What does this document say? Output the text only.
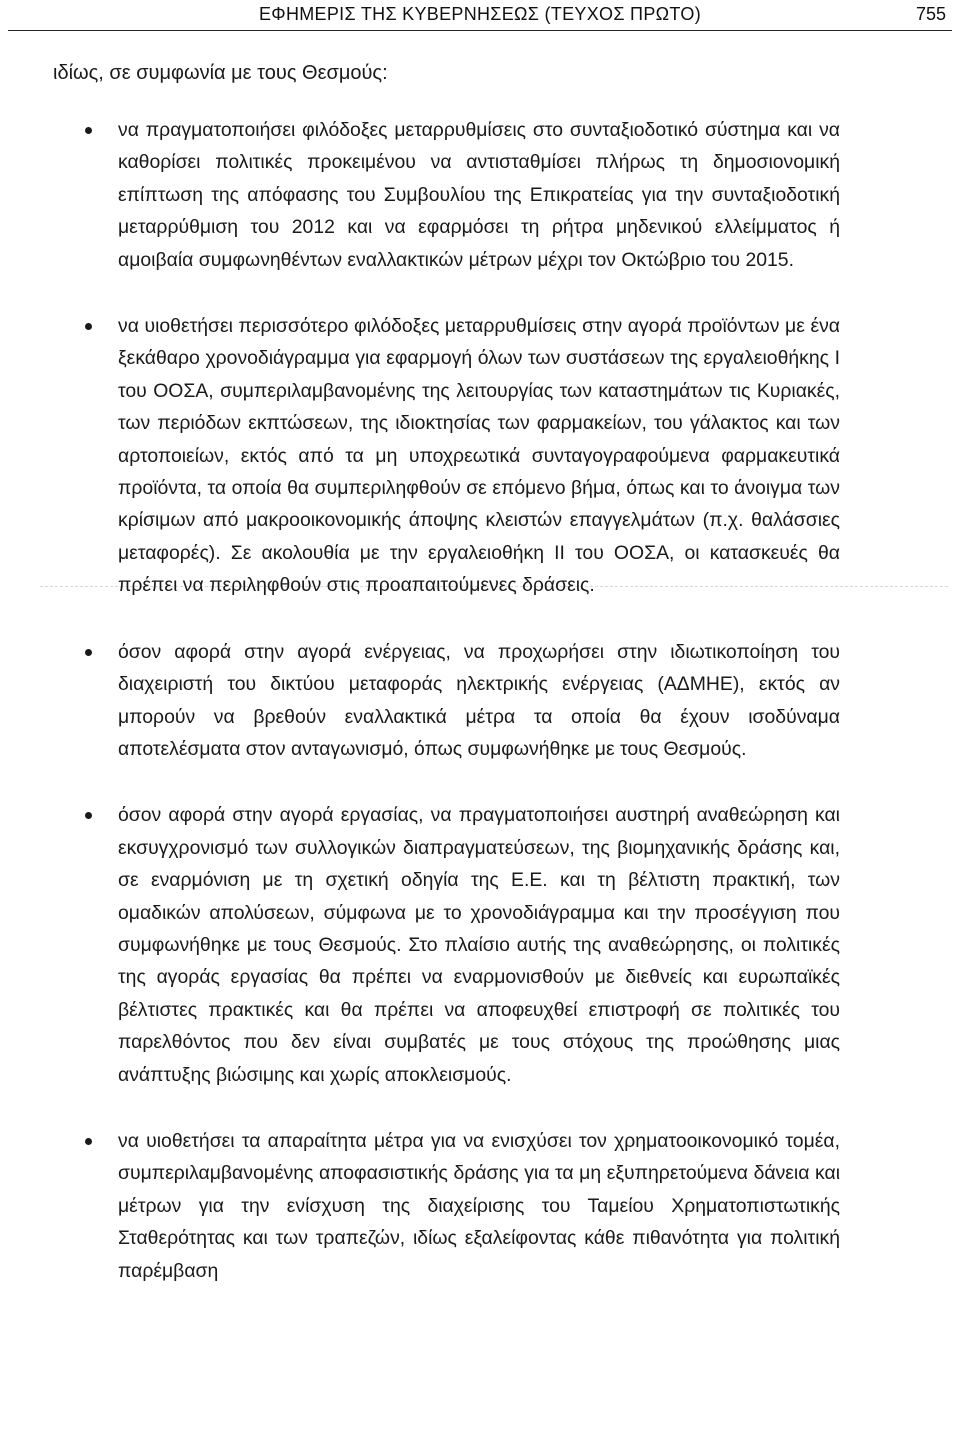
ΕΦΗΜΕΡΙΣ ΤΗΣ ΚΥΒΕΡΝΗΣΕΩΣ (ΤΕΥΧΟΣ ΠΡΩΤΟ)	755

ιδίως, σε συμφωνία με τους Θεσμούς:

να πραγματοποιήσει φιλόδοξες μεταρρυθμίσεις στο συνταξιοδοτικό σύστημα και να καθορίσει πολιτικές προκειμένου να αντισταθμίσει πλήρως τη δημοσιονομική επίπτωση της απόφασης του Συμβουλίου της Επικρατείας για την συνταξιοδοτική μεταρρύθμιση του 2012 και να εφαρμόσει τη ρήτρα μηδενικού ελλείμματος ή αμοιβαία συμφωνηθέντων εναλλακτικών μέτρων μέχρι τον Οκτώβριο του 2015.
να υιοθετήσει περισσότερο φιλόδοξες μεταρρυθμίσεις στην αγορά προϊόντων με ένα ξεκάθαρο χρονοδιάγραμμα για εφαρμογή όλων των συστάσεων της εργαλειοθήκης I του ΟΟΣΑ, συμπεριλαμβανομένης της λειτουργίας των καταστημάτων τις Κυριακές, των περιόδων εκπτώσεων, της ιδιοκτησίας των φαρμακείων, του γάλακτος και των αρτοποιείων, εκτός από τα μη υποχρεωτικά συνταγογραφούμενα φαρμακευτικά προϊόντα, τα οποία θα συμπεριληφθούν σε επόμενο βήμα, όπως και το άνοιγμα των κρίσιμων από μακροοικονομικής άποψης κλειστών επαγγελμάτων (π.χ. θαλάσσιες μεταφορές). Σε ακολουθία με την εργαλειοθήκη II του ΟΟΣΑ, οι κατασκευές θα πρέπει να περιληφθούν στις προαπαιτούμενες δράσεις.
όσον αφορά στην αγορά ενέργειας, να προχωρήσει στην ιδιωτικοποίηση του διαχειριστή του δικτύου μεταφοράς ηλεκτρικής ενέργειας (ΑΔΜΗΕ), εκτός αν μπορούν να βρεθούν εναλλακτικά μέτρα τα οποία θα έχουν ισοδύναμα αποτελέσματα στον ανταγωνισμό, όπως συμφωνήθηκε με τους Θεσμούς.
όσον αφορά στην αγορά εργασίας, να πραγματοποιήσει αυστηρή αναθεώρηση και εκσυγχρονισμό των συλλογικών διαπραγματεύσεων, της βιομηχανικής δράσης και, σε εναρμόνιση με τη σχετική οδηγία της Ε.Ε. και τη βέλτιστη πρακτική, των ομαδικών απολύσεων, σύμφωνα με το χρονοδιάγραμμα και την προσέγγιση που συμφωνήθηκε με τους Θεσμούς. Στο πλαίσιο αυτής της αναθεώρησης, οι πολιτικές της αγοράς εργασίας θα πρέπει να εναρμονισθούν με διεθνείς και ευρωπαϊκές βέλτιστες πρακτικές και θα πρέπει να αποφευχθεί επιστροφή σε πολιτικές του παρελθόντος που δεν είναι συμβατές με τους στόχους της προώθησης μιας ανάπτυξης βιώσιμης και χωρίς αποκλεισμούς.
να υιοθετήσει τα απαραίτητα μέτρα για να ενισχύσει τον χρηματοοικονομικό τομέα, συμπεριλαμβανομένης αποφασιστικής δράσης για τα μη εξυπηρετούμενα δάνεια και μέτρων για την ενίσχυση της διαχείρισης του Ταμείου Χρηματοπιστωτικής Σταθερότητας και των τραπεζών, ιδίως εξαλείφοντας κάθε πιθανότητα για πολιτική παρέμβαση
